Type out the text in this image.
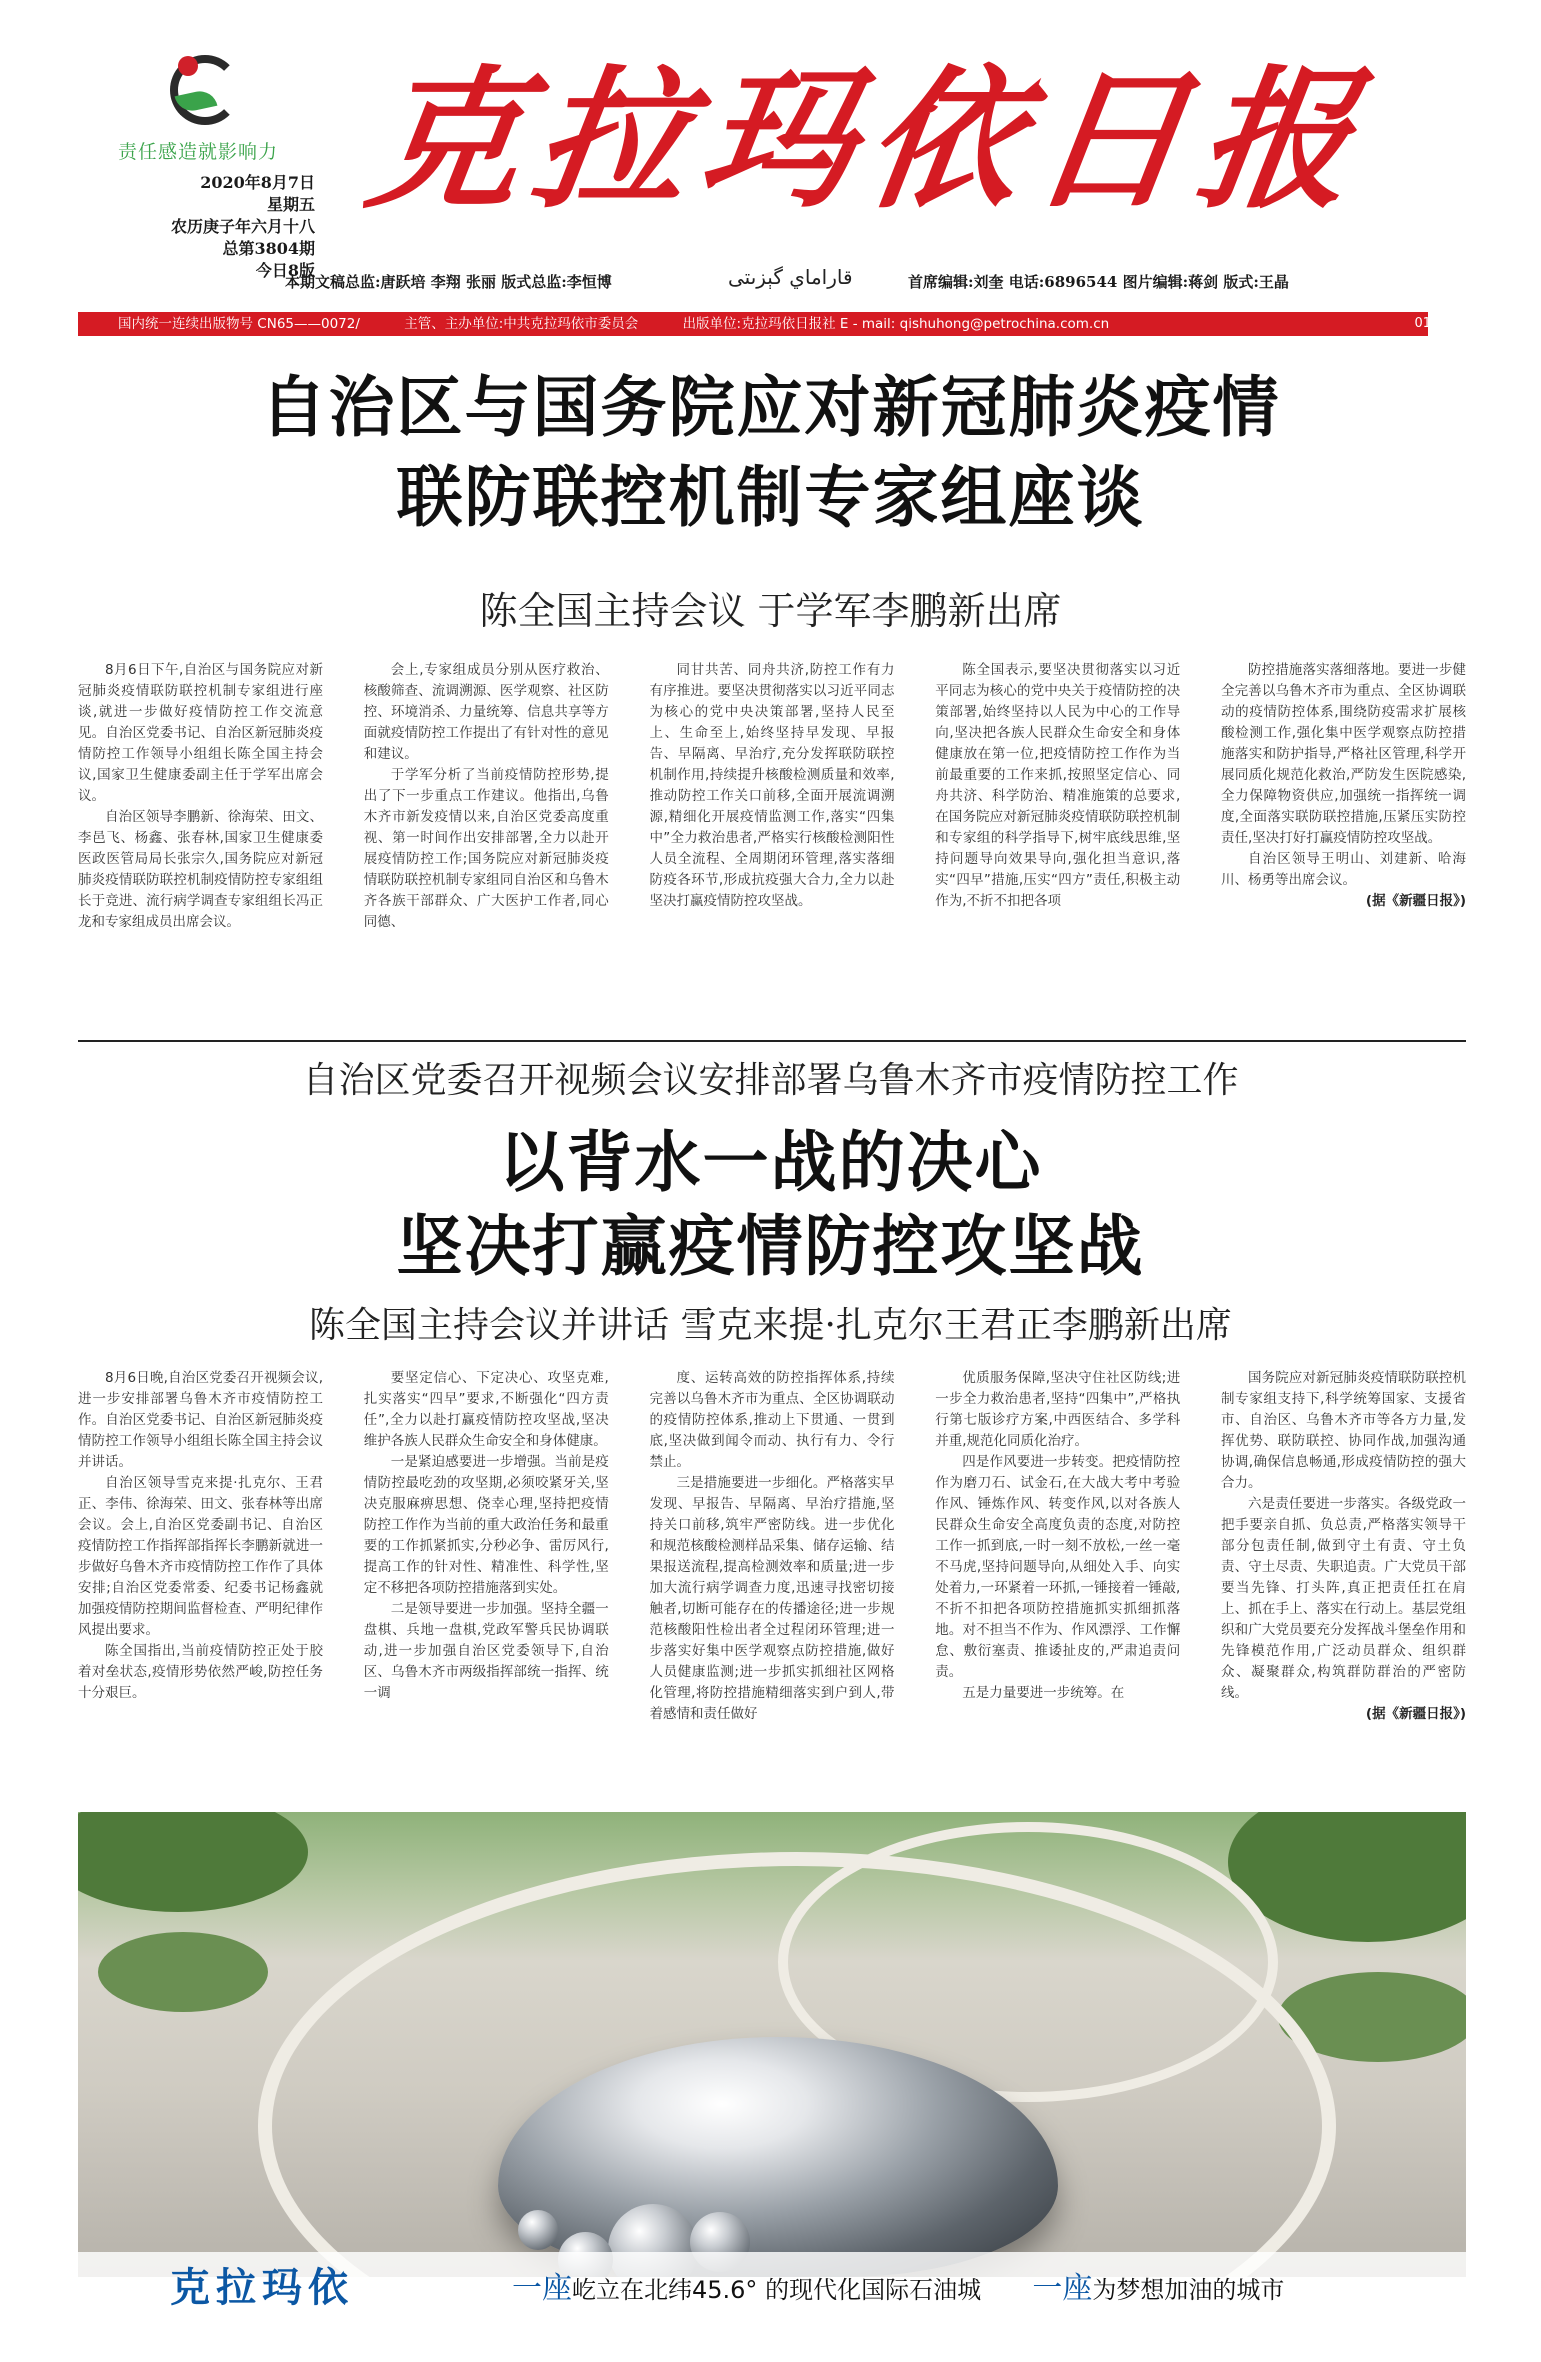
责任感造就影响力
2020年8月7日
星期五
农历庚子年六月十八
总第3804期
今日8版
克拉玛依日报
قاراماي گېزىتى
本期文稿总监:唐跃培 李翔 张丽 版式总监:李恒博	首席编辑:刘奎 电话:6896544 图片编辑:蒋剑 版式:王晶
国内统一连续出版物号 CN65——0072/	主管、主办单位:中共克拉玛依市委员会	出版单位:克拉玛依日报社 E - mail: qishuhong@petrochina.com.cn	01
自治区与国务院应对新冠肺炎疫情
联防联控机制专家组座谈
陈全国主持会议 于学军李鹏新出席

8月6日下午,自治区与国务院应对新冠肺炎疫情联防联控机制专家组进行座谈,就进一步做好疫情防控工作交流意见。自治区党委书记、自治区新冠肺炎疫情防控工作领导小组组长陈全国主持会议,国家卫生健康委副主任于学军出席会议。

自治区领导李鹏新、徐海荣、田文、李邑飞、杨鑫、张春林,国家卫生健康委医政医管局局长张宗久,国务院应对新冠肺炎疫情联防联控机制疫情防控专家组组长于竞进、流行病学调查专家组组长冯正龙和专家组成员出席会议。

会上,专家组成员分别从医疗救治、核酸筛查、流调溯源、医学观察、社区防控、环境消杀、力量统筹、信息共享等方面就疫情防控工作提出了有针对性的意见和建议。

于学军分析了当前疫情防控形势,提出了下一步重点工作建议。他指出,乌鲁木齐市新发疫情以来,自治区党委高度重视、第一时间作出安排部署,全力以赴开展疫情防控工作;国务院应对新冠肺炎疫情联防联控机制专家组同自治区和乌鲁木齐各族干部群众、广大医护工作者,同心同德、

同甘共苦、同舟共济,防控工作有力有序推进。要坚决贯彻落实以习近平同志为核心的党中央决策部署,坚持人民至上、生命至上,始终坚持早发现、早报告、早隔离、早治疗,充分发挥联防联控机制作用,持续提升核酸检测质量和效率,推动防控工作关口前移,全面开展流调溯源,精细化开展疫情监测工作,落实“四集中”全力救治患者,严格实行核酸检测阳性人员全流程、全周期闭环管理,落实落细防疫各环节,形成抗疫强大合力,全力以赴坚决打赢疫情防控攻坚战。

陈全国表示,要坚决贯彻落实以习近平同志为核心的党中央关于疫情防控的决策部署,始终坚持以人民为中心的工作导向,坚决把各族人民群众生命安全和身体健康放在第一位,把疫情防控工作作为当前最重要的工作来抓,按照坚定信心、同舟共济、科学防治、精准施策的总要求,在国务院应对新冠肺炎疫情联防联控机制和专家组的科学指导下,树牢底线思维,坚持问题导向效果导向,强化担当意识,落实“四早”措施,压实“四方”责任,积极主动作为,不折不扣把各项

防控措施落实落细落地。要进一步健全完善以乌鲁木齐市为重点、全区协调联动的疫情防控体系,围绕防疫需求扩展核酸检测工作,强化集中医学观察点防控措施落实和防护指导,严格社区管理,科学开展同质化规范化救治,严防发生医院感染,全力保障物资供应,加强统一指挥统一调度,全面落实联防联控措施,压紧压实防控责任,坚决打好打赢疫情防控攻坚战。

自治区领导王明山、刘建新、哈海川、杨勇等出席会议。

(据《新疆日报》)
自治区党委召开视频会议安排部署乌鲁木齐市疫情防控工作
以背水一战的决心
坚决打赢疫情防控攻坚战
陈全国主持会议并讲话 雪克来提·扎克尔王君正李鹏新出席

8月6日晚,自治区党委召开视频会议,进一步安排部署乌鲁木齐市疫情防控工作。自治区党委书记、自治区新冠肺炎疫情防控工作领导小组组长陈全国主持会议并讲话。

自治区领导雪克来提·扎克尔、王君正、李伟、徐海荣、田文、张春林等出席会议。会上,自治区党委副书记、自治区疫情防控工作指挥部指挥长李鹏新就进一步做好乌鲁木齐市疫情防控工作作了具体安排;自治区党委常委、纪委书记杨鑫就加强疫情防控期间监督检查、严明纪律作风提出要求。

陈全国指出,当前疫情防控正处于胶着对垒状态,疫情形势依然严峻,防控任务十分艰巨。

要坚定信心、下定决心、攻坚克难,扎实落实“四早”要求,不断强化“四方责任”,全力以赴打赢疫情防控攻坚战,坚决维护各族人民群众生命安全和身体健康。

一是紧迫感要进一步增强。当前是疫情防控最吃劲的攻坚期,必须咬紧牙关,坚决克服麻痹思想、侥幸心理,坚持把疫情防控工作作为当前的重大政治任务和最重要的工作抓紧抓实,分秒必争、雷厉风行,提高工作的针对性、精准性、科学性,坚定不移把各项防控措施落到实处。

二是领导要进一步加强。坚持全疆一盘棋、兵地一盘棋,党政军警兵民协调联动,进一步加强自治区党委领导下,自治区、乌鲁木齐市两级指挥部统一指挥、统一调

度、运转高效的防控指挥体系,持续完善以乌鲁木齐市为重点、全区协调联动的疫情防控体系,推动上下贯通、一贯到底,坚决做到闻令而动、执行有力、令行禁止。

三是措施要进一步细化。严格落实早发现、早报告、早隔离、早治疗措施,坚持关口前移,筑牢严密防线。进一步优化和规范核酸检测样品采集、储存运输、结果报送流程,提高检测效率和质量;进一步加大流行病学调查力度,迅速寻找密切接触者,切断可能存在的传播途径;进一步规范核酸阳性检出者全过程闭环管理;进一步落实好集中医学观察点防控措施,做好人员健康监测;进一步抓实抓细社区网格化管理,将防控措施精细落实到户到人,带着感情和责任做好

优质服务保障,坚决守住社区防线;进一步全力救治患者,坚持“四集中”,严格执行第七版诊疗方案,中西医结合、多学科并重,规范化同质化治疗。

四是作风要进一步转变。把疫情防控作为磨刀石、试金石,在大战大考中考验作风、锤炼作风、转变作风,以对各族人民群众生命安全高度负责的态度,对防控工作一抓到底,一时一刻不放松,一丝一毫不马虎,坚持问题导向,从细处入手、向实处着力,一环紧着一环抓,一锤接着一锤敲,不折不扣把各项防控措施抓实抓细抓落地。对不担当不作为、作风漂浮、工作懈怠、敷衍塞责、推诿扯皮的,严肃追责问责。

五是力量要进一步统筹。在

国务院应对新冠肺炎疫情联防联控机制专家组支持下,科学统筹国家、支援省市、自治区、乌鲁木齐市等各方力量,发挥优势、联防联控、协同作战,加强沟通协调,确保信息畅通,形成疫情防控的强大合力。

六是责任要进一步落实。各级党政一把手要亲自抓、负总责,严格落实领导干部分包责任制,做到守土有责、守土负责、守土尽责、失职追责。广大党员干部要当先锋、打头阵,真正把责任扛在肩上、抓在手上、落实在行动上。基层党组织和广大党员要充分发挥战斗堡垒作用和先锋模范作用,广泛动员群众、组织群众、凝聚群众,构筑群防群治的严密防线。

(据《新疆日报》)
克拉玛依	一座屹立在北纬45.6° 的现代化国际石油城 一座为梦想加油的城市
